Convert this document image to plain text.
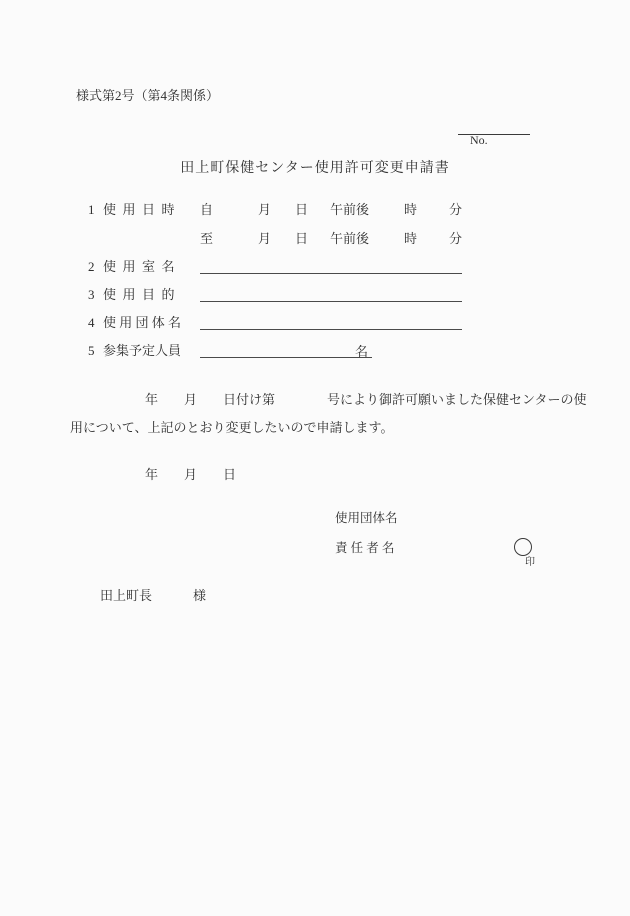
様式第2号（第4条関係）

No.

田上町保健センター使用許可変更申請書
1 使  用  日  時 自	月 日 午前後	時 分
至	月 日 午前後	時 分
2 使  用  室  名
3 使  用  目  的
4 使 用 団 体 名
5 参集予定人員	名
年　　月　　日付け第　　　　号により御許可願いました保健センターの使
用について、上記のとおり変更したいので申請します。
年　　月　　日
使用団体名
責 任 者 名

印

田上町長	様
